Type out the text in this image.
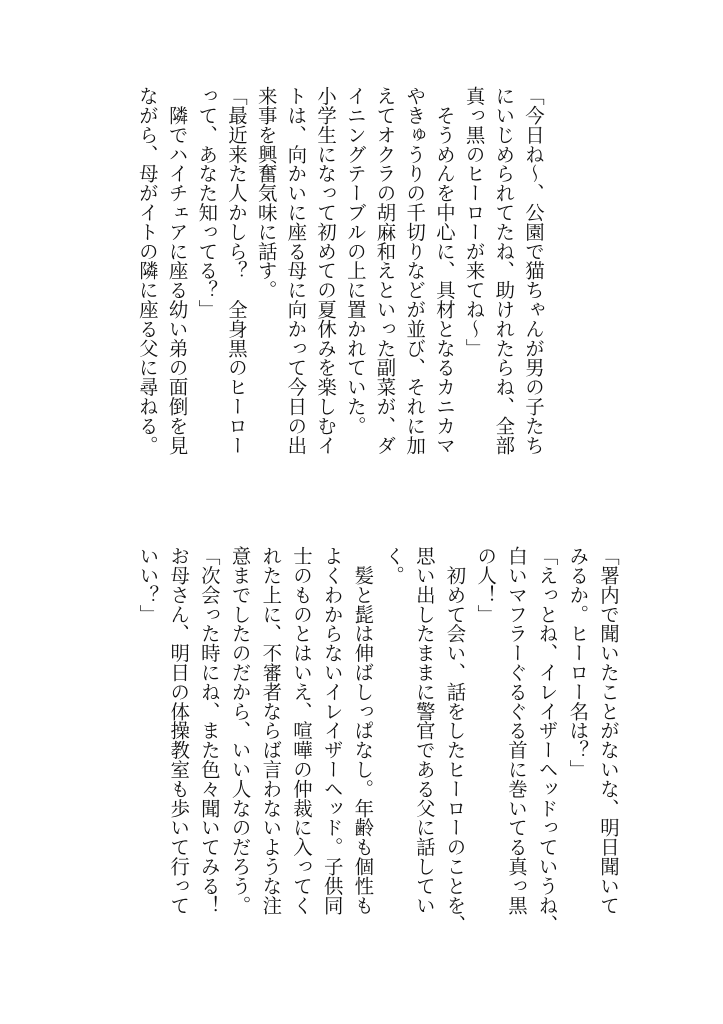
「今日ね～、公園で猫ちゃんが男の子たち
にいじめられてたね、助けれたらね、全部
真っ黒のヒーローが来てね～」
　そうめんを中心に、具材となるカニカマ
やきゅうりの千切りなどが並び、それに加
えてオクラの胡麻和えといった副菜が、ダ
イニングテーブルの上に置かれていた。
小学生になって初めての夏休みを楽しむイ
トは、向かいに座る母に向かって今日の出
来事を興奮気味に話す。
「最近来た人かしら？　全身黒のヒーロー
って、あなた知ってる？」
　隣でハイチェアに座る幼い弟の面倒を見
ながら、母がイトの隣に座る父に尋ねる。
「署内で聞いたことがないな、明日聞いて
みるか。ヒーロー名は？」
「えっとね、イレイザーヘッドっていうね、
白いマフラーぐるぐる首に巻いてる真っ黒
の人！」
　初めて会い、話をしたヒーローのことを、
思い出したままに警官である父に話してい
く。
　髪と髭は伸ばしっぱなし。年齢も個性も
よくわからないイレイザーヘッド。子供同
士のものとはいえ、喧嘩の仲裁に入ってく
れた上に、不審者ならば言わないような注
意までしたのだから、いい人なのだろう。
「次会った時にね、また色々聞いてみる！
お母さん、明日の体操教室も歩いて行って
いい？」
